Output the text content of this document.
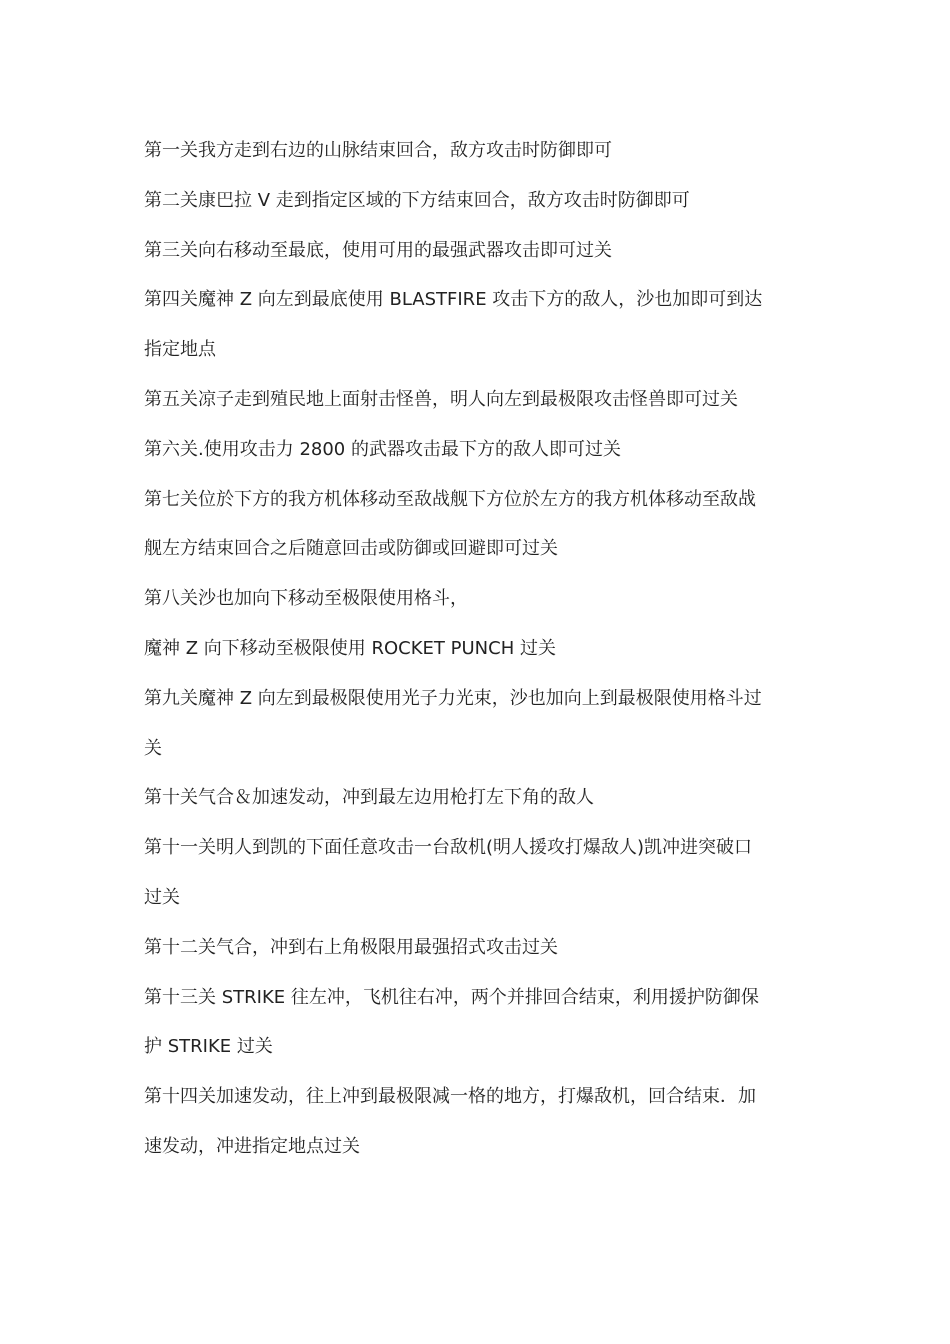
第一关我方走到右边的山脉结束回合，敌方攻击时防御即可
第二关康巴拉 V 走到指定区域的下方结束回合，敌方攻击时防御即可
第三关向右移动至最底，使用可用的最强武器攻击即可过关
第四关魔神 Z 向左到最底使用 BLASTFIRE 攻击下方的敌人，沙也加即可到达
指定地点
第五关凉子走到殖民地上面射击怪兽，明人向左到最极限攻击怪兽即可过关
第六关.使用攻击力 2800 的武器攻击最下方的敌人即可过关
第七关位於下方的我方机体移动至敌战舰下方位於左方的我方机体移动至敌战
舰左方结束回合之后随意回击或防御或回避即可过关
第八关沙也加向下移动至极限使用格斗，
魔神 Z 向下移动至极限使用 ROCKET PUNCH 过关
第九关魔神 Z 向左到最极限使用光子力光束，沙也加向上到最极限使用格斗过
关
第十关气合＆加速发动，冲到最左边用枪打左下角的敌人
第十一关明人到凯的下面任意攻击一台敌机(明人援攻打爆敌人)凯冲进突破口
过关
第十二关气合，冲到右上角极限用最强招式攻击过关
第十三关 STRIKE 往左冲，飞机往右冲，两个并排回合结束，利用援护防御保
护 STRIKE 过关
第十四关加速发动，往上冲到最极限减一格的地方，打爆敌机，回合结束．加
速发动，冲进指定地点过关
